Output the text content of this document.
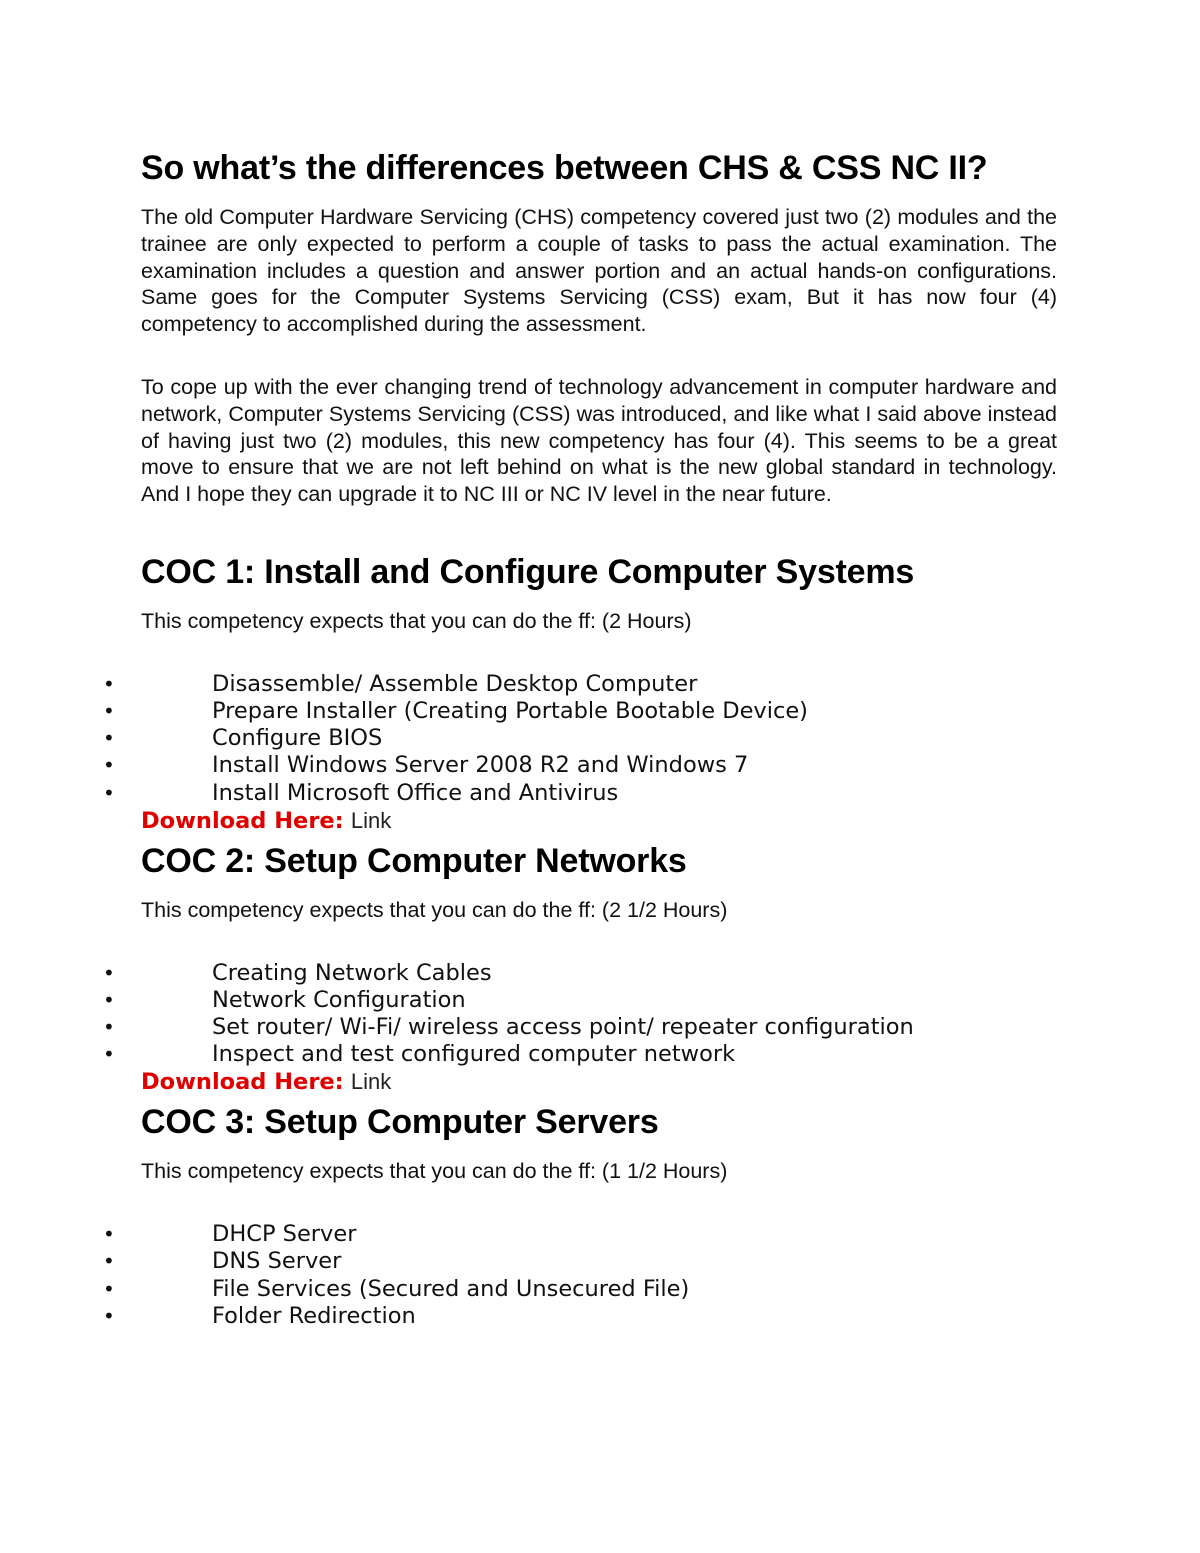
So what’s the differences between CHS & CSS NC II?

The old Computer Hardware Servicing (CHS) competency covered just two (2) modules and the trainee are only expected to perform a couple of tasks to pass the actual examination. The examination includes a question and answer portion and an actual hands-on configurations. Same goes for the Computer Systems Servicing (CSS) exam, But it has now four (4) competency to accomplished during the assessment.

To cope up with the ever changing trend of technology advancement in computer hardware and network, Computer Systems Servicing (CSS) was introduced, and like what I said above instead of having just two (2) modules, this new competency has four (4). This seems to be a great move to ensure that we are not left behind on what is the new global standard in technology. And I hope they can upgrade it to NC III or NC IV level in the near future.

COC 1: Install and Configure Computer Systems

This competency expects that you can do the ff: (2 Hours)

•	Disassemble/ Assemble Desktop Computer
•	Prepare Installer (Creating Portable Bootable Device)
•	Configure BIOS
•	Install Windows Server 2008 R2 and Windows 7
•	Install Microsoft Office and Antivirus
Download Here: Link
COC 2: Setup Computer Networks

This competency expects that you can do the ff: (2 1/2 Hours)

•	Creating Network Cables
•	Network Configuration
•	Set router/ Wi-Fi/ wireless access point/ repeater configuration
•	Inspect and test configured computer network
Download Here: Link
COC 3: Setup Computer Servers

This competency expects that you can do the ff: (1 1/2 Hours)

•	DHCP Server
•	DNS Server
•	File Services (Secured and Unsecured File)
•	Folder Redirection
